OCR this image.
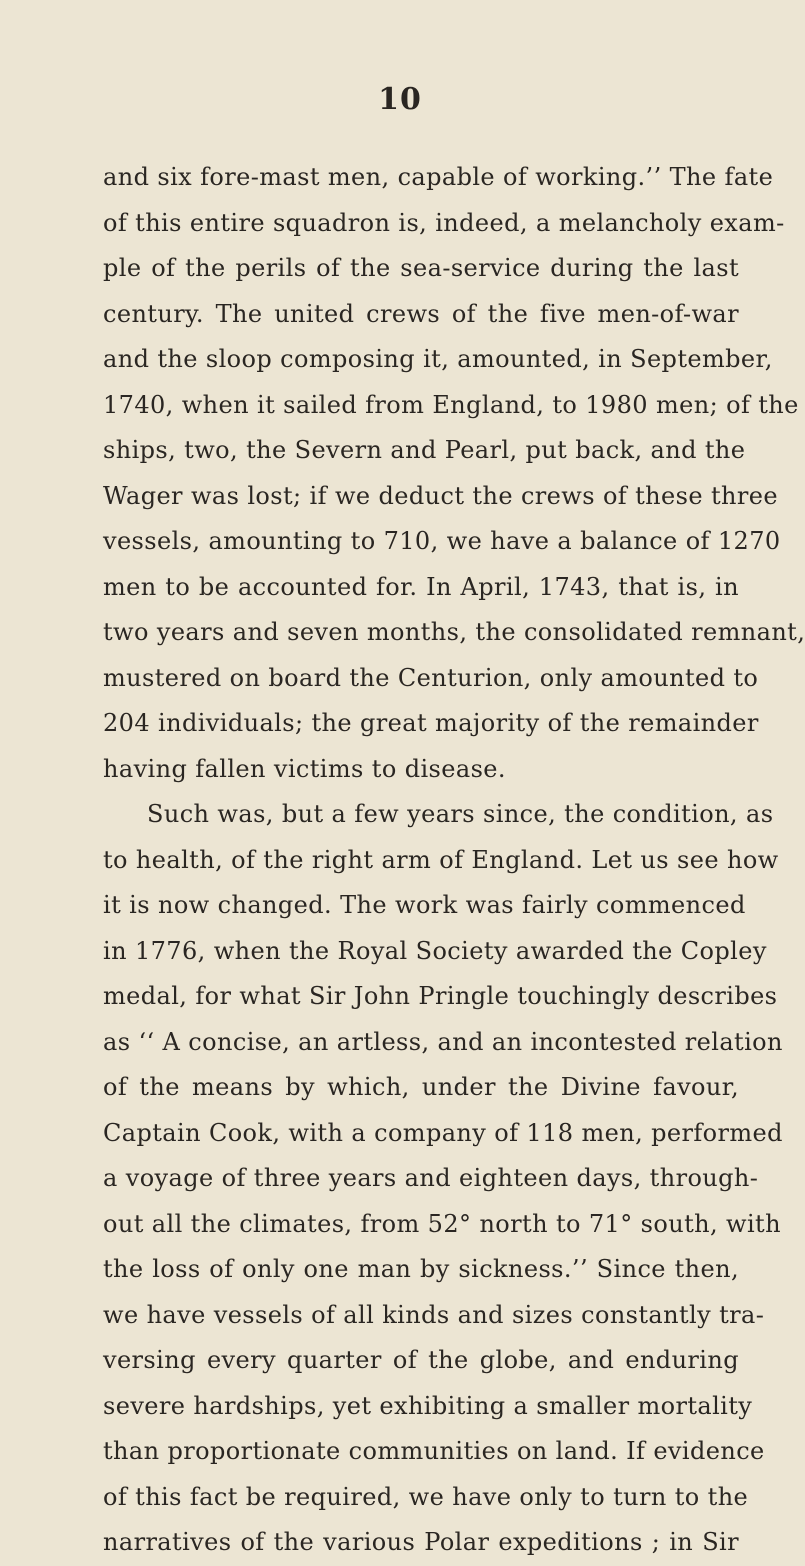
10
and six fore-mast men, capable of working.’’ The fate
of this entire squadron is, indeed, a melancholy exam-
ple of the perils of the sea-service during the last
century. The united crews of the five men-of-war
and the sloop composing it, amounted, in September,
1740, when it sailed from England, to 1980 men; of the
ships, two, the Severn and Pearl, put back, and the
Wager was lost; if we deduct the crews of these three
vessels, amounting to 710, we have a balance of 1270
men to be accounted for. In April, 1743, that is, in
two years and seven months, the consolidated remnant,
mustered on board the Centurion, only amounted to
204 individuals; the great majority of the remainder
having fallen victims to disease.
Such was, but a few years since, the condition, as
to health, of the right arm of England. Let us see how
it is now changed. The work was fairly commenced
in 1776, when the Royal Society awarded the Copley
medal, for what Sir John Pringle touchingly describes
as ‘‘ A concise, an artless, and an incontested relation
of the means by which, under the Divine favour,
Captain Cook, with a company of 118 men, performed
a voyage of three years and eighteen days, through-
out all the climates, from 52° north to 71° south, with
the loss of only one man by sickness.’’ Since then,
we have vessels of all kinds and sizes constantly tra-
versing every quarter of the globe, and enduring
severe hardships, yet exhibiting a smaller mortality
than proportionate communities on land. If evidence
of this fact be required, we have only to turn to the
narratives of the various Polar expeditions ; in Sir
